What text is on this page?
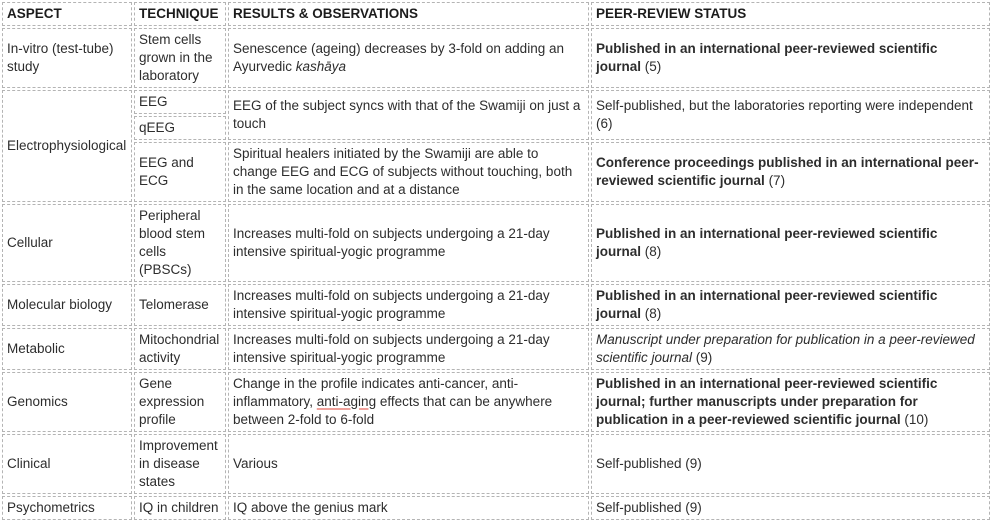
ASPECT	TECHNIQUE	RESULTS & OBSERVATIONS	PEER-REVIEW STATUS
In-vitro (test-tube) study	Stem cells grown in the laboratory	Senescence (ageing) decreases by 3-fold on adding an Ayurvedic kashāya	Published in an international peer-reviewed scientific journal (5)
Electrophysiological	EEG	EEG of the subject syncs with that of the Swamiji on just a touch	Self-published, but the laboratories reporting were independent (6)
	qEEG		
	EEG and ECG	Spiritual healers initiated by the Swamiji are able to change EEG and ECG of subjects without touching, both in the same location and at a distance	Conference proceedings published in an international peer-reviewed scientific journal (7)
Cellular	Peripheral blood stem cells (PBSCs)	Increases multi-fold on subjects undergoing a 21-day intensive spiritual-yogic programme	Published in an international peer-reviewed scientific journal (8)
Molecular biology	Telomerase	Increases multi-fold on subjects undergoing a 21-day intensive spiritual-yogic programme	Published in an international peer-reviewed scientific journal (8)
Metabolic	Mitochondrial activity	Increases multi-fold on subjects undergoing a 21-day intensive spiritual-yogic programme	Manuscript under preparation for publication in a peer-reviewed scientific journal (9)
Genomics	Gene expression profile	Change in the profile indicates anti-cancer, anti-inflammatory, anti-aging effects that can be anywhere between 2-fold to 6-fold	Published in an international peer-reviewed scientific journal; further manuscripts under preparation for publication in a peer-reviewed scientific journal (10)
Clinical	Improvement in disease states	Various	Self-published (9)
Psychometrics	IQ in children	IQ above the genius mark	Self-published (9)
